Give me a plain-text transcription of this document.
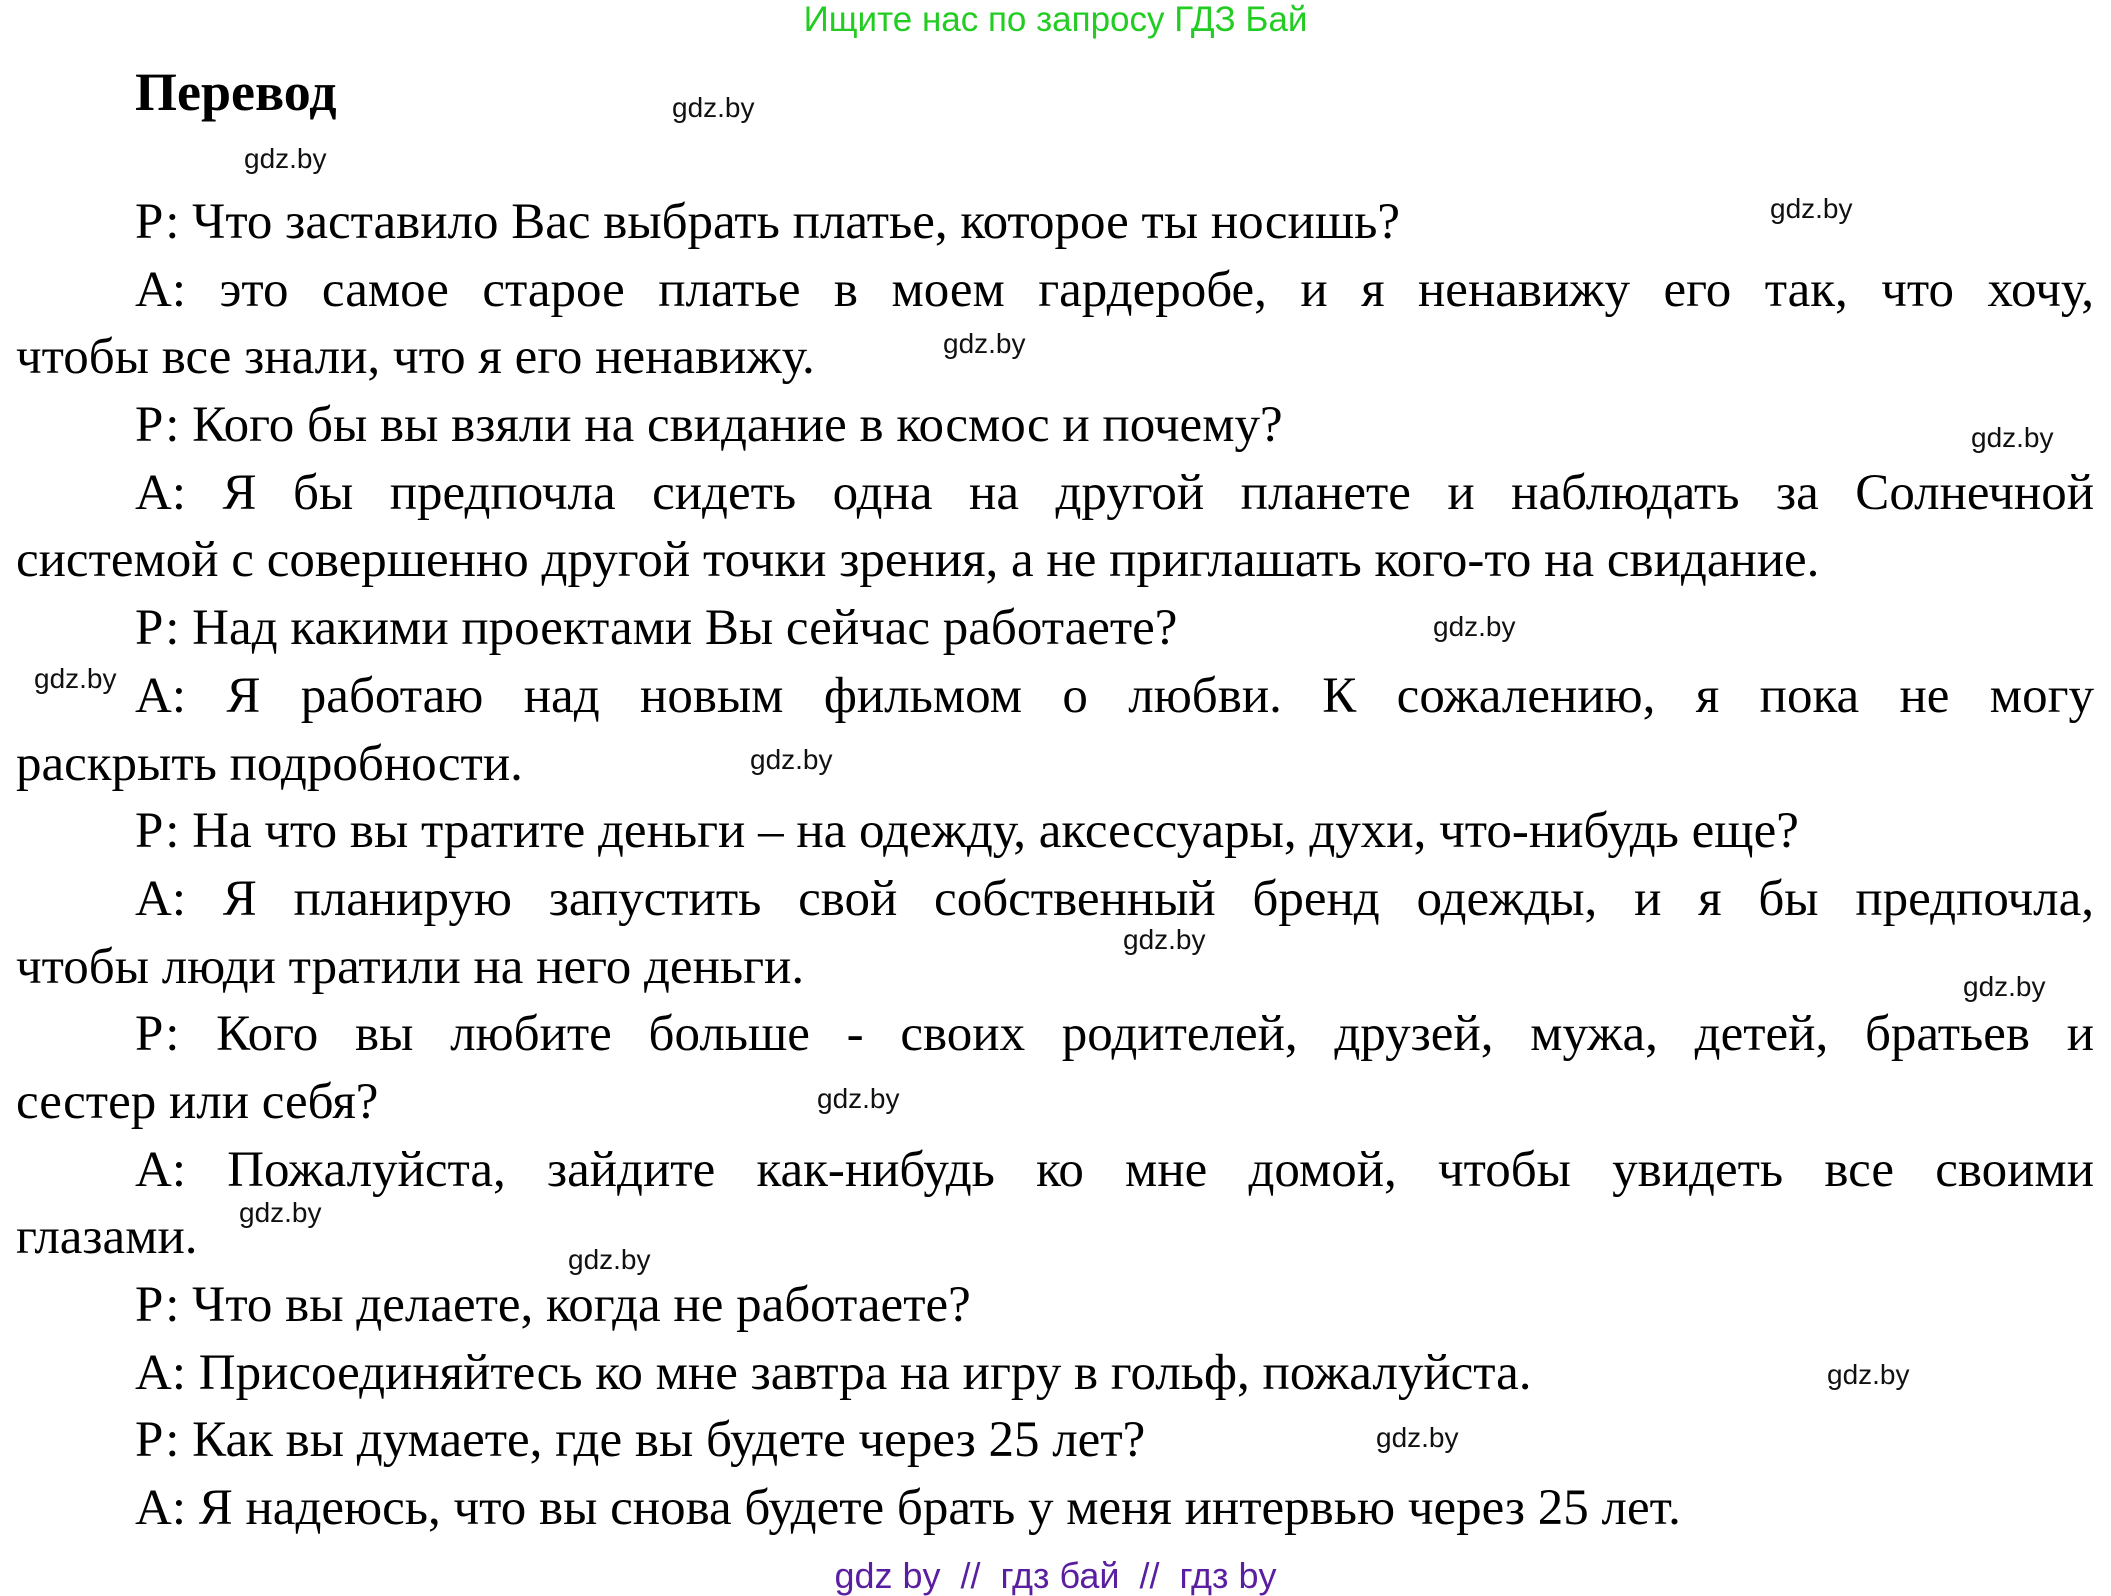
Ищите нас по запросу ГДЗ Бай
Перевод
Р: Что заставило Вас выбрать платье, которое ты носишь?
А: это самое старое платье в моем гардеробе, и я ненавижу его так, что хочу,
чтобы все знали, что я его ненавижу.
Р: Кого бы вы взяли на свидание в космос и почему?
А: Я бы предпочла сидеть одна на другой планете и наблюдать за Солнечной
системой с совершенно другой точки зрения, а не приглашать кого-то на свидание.
Р: Над какими проектами Вы сейчас работаете?
А: Я работаю над новым фильмом о любви. К сожалению, я пока не могу
раскрыть подробности.
Р: На что вы тратите деньги – на одежду, аксессуары, духи, что-нибудь еще?
А: Я планирую запустить свой собственный бренд одежды, и я бы предпочла,
чтобы люди тратили на него деньги.
Р: Кого вы любите больше - своих родителей, друзей, мужа, детей, братьев и
сестер или себя?
А: Пожалуйста, зайдите как-нибудь ко мне домой, чтобы увидеть все своими
глазами.
Р: Что вы делаете, когда не работаете?
А: Присоединяйтесь ко мне завтра на игру в гольф, пожалуйста.
Р: Как вы думаете, где вы будете через 25 лет?
А: Я надеюсь, что вы снова будете брать у меня интервью через 25 лет.
gdz.by
gdz.by
gdz.by
gdz.by
gdz.by
gdz.by
gdz.by
gdz.by
gdz.by
gdz.by
gdz.by
gdz.by
gdz.by
gdz.by
gdz.by
gdz by  //  гдз бай  //  гдз by
